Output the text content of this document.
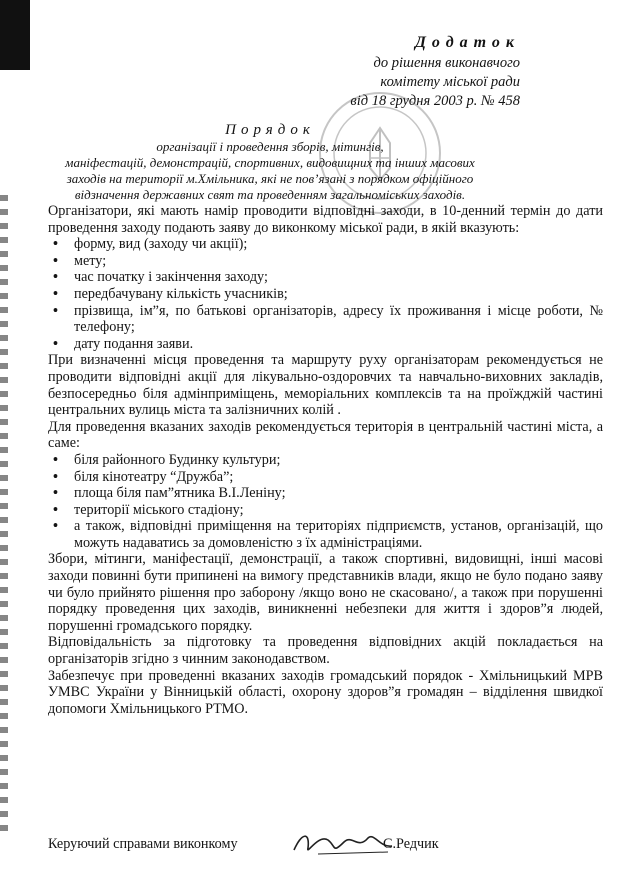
Додаток
до рішення виконавчого
комітету міської ради
від 18 грудня 2003 р. № 458
Порядок
організації і проведення зборів, мітингів,
маніфестацій, демонстрацій, спортивних, видовищних та інших масових
заходів на території м.Хмільника, які не пов’язані з порядком офіційного
відзначення державних свят та проведенням загальноміських заходів.

Організатори, які мають намір проводити відповідні заходи, в 10-денний термін до дати проведення заходу подають заяву до виконкому міської ради, в якій вказують:

• форму, вид (заходу чи акції);
• мету;
• час початку і закінчення заходу;
• передбачувану кількість учасників;
• прізвища, ім”я, по батькові організаторів, адресу їх проживання і місце роботи, № телефону;
• дату подання заяви.

При визначенні місця проведення та маршруту руху організаторам рекомендується не проводити відповідні акції для лікувально-оздоровчих та навчально-виховних закладів, безпосередньо біля адмінприміщень, меморіальних комплексів та на проїжджій частині центральних вулиць міста та залізничних колій .

Для проведення вказаних заходів рекомендується територія в центральній частині міста, а саме:

• біля районного Будинку культури;
• біля кінотеатру “Дружба”;
• площа біля пам”ятника В.І.Леніну;
• території міського стадіону;
• а також, відповідні приміщення на територіях підприємств, установ, організацій, що можуть надаватись за домовленістю з їх адміністраціями.

Збори, мітинги, маніфестації, демонстрації, а також спортивні, видовищні, інші масові заходи повинні бути припинені на вимогу представників влади, якщо не було подано заяву чи було прийнято рішення про заборону /якщо воно не скасовано/, а також при порушенні порядку проведення цих заходів, виникненні небезпеки для життя і здоров”я людей, порушенні громадського порядку.

Відповідальність за підготовку та проведення відповідних акцій покладається на організаторів згідно з чинним законодавством.

Забезпечує при проведенні вказаних заходів громадський порядок - Хмільницький МРВ УМВС України у Вінницькій області, охорону здоров”я громадян – відділення швидкої допомоги Хмільницького РТМО.

Керуючий справами виконкому	С.Редчик
